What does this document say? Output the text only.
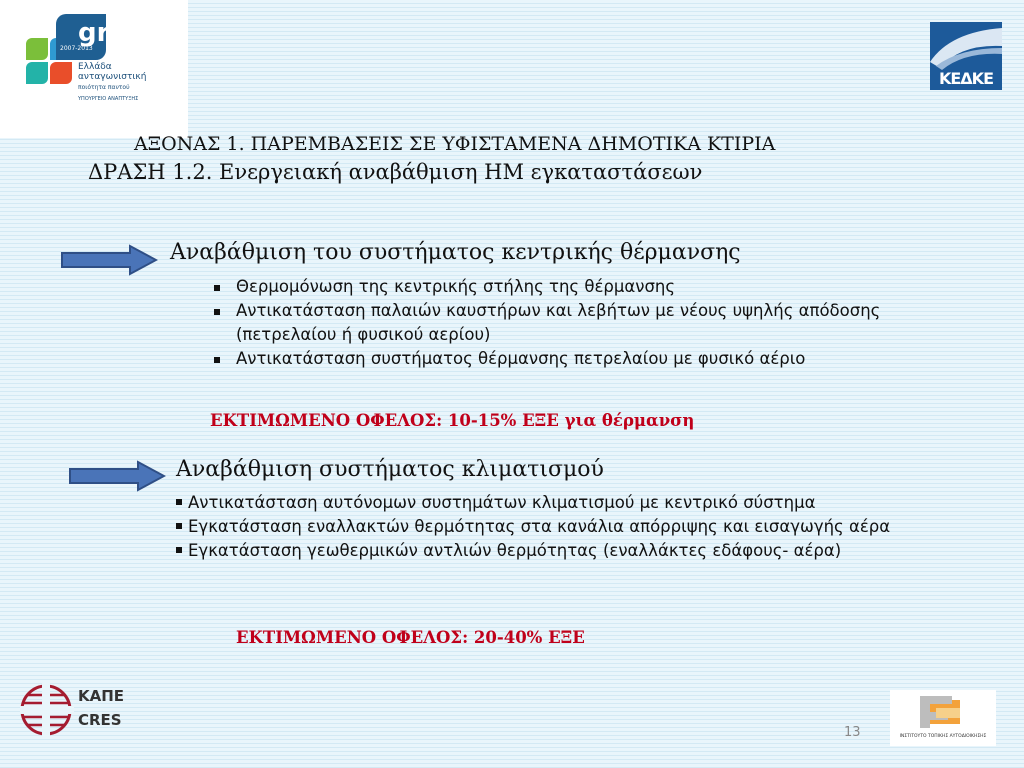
gr
2007-2013
Ελλάδα
ανταγωνιστική
ποιότητα παντού
ΥΠΟΥΡΓΕΙΟ ΑΝΑΠΤΥΞΗΣ
ΚΕΔΚΕ
ΑΞΟΝΑΣ 1. ΠΑΡΕΜΒΑΣΕΙΣ ΣΕ ΥΦΙΣΤΑΜΕΝΑ ΔΗΜΟΤΙΚΑ ΚΤΙΡΙΑ
ΔΡΑΣΗ 1.2. Ενεργειακή αναβάθμιση ΗΜ εγκαταστάσεων
Αναβάθμιση του συστήματος κεντρικής θέρμανσης
Θερμομόνωση της κεντρικής στήλης της θέρμανσης
Αντικατάσταση παλαιών καυστήρων και λεβήτων με νέους υψηλής απόδοσης (πετρελαίου ή φυσικού αερίου)
Αντικατάσταση συστήματος θέρμανσης πετρελαίου με φυσικό αέριο
ΕΚΤΙΜΩΜΕΝΟ ΟΦΕΛΟΣ: 10-15% ΕΞΕ για θέρμανση
Αναβάθμιση συστήματος κλιματισμού
Αντικατάσταση αυτόνομων συστημάτων κλιματισμού με κεντρικό σύστημα
Εγκατάσταση εναλλακτών θερμότητας στα κανάλια απόρριψης και εισαγωγής αέρα
Εγκατάσταση γεωθερμικών αντλιών θερμότητας (εναλλάκτες εδάφους- αέρα)
ΕΚΤΙΜΩΜΕΝΟ ΟΦΕΛΟΣ: 20-40% ΕΞΕ
ΚΑΠΕ
CRES
ΙΝΣΤΙΤΟΥΤΟ ΤΟΠΙΚΗΣ ΑΥΤΟΔΙΟΙΚΗΣΗΣ
13
